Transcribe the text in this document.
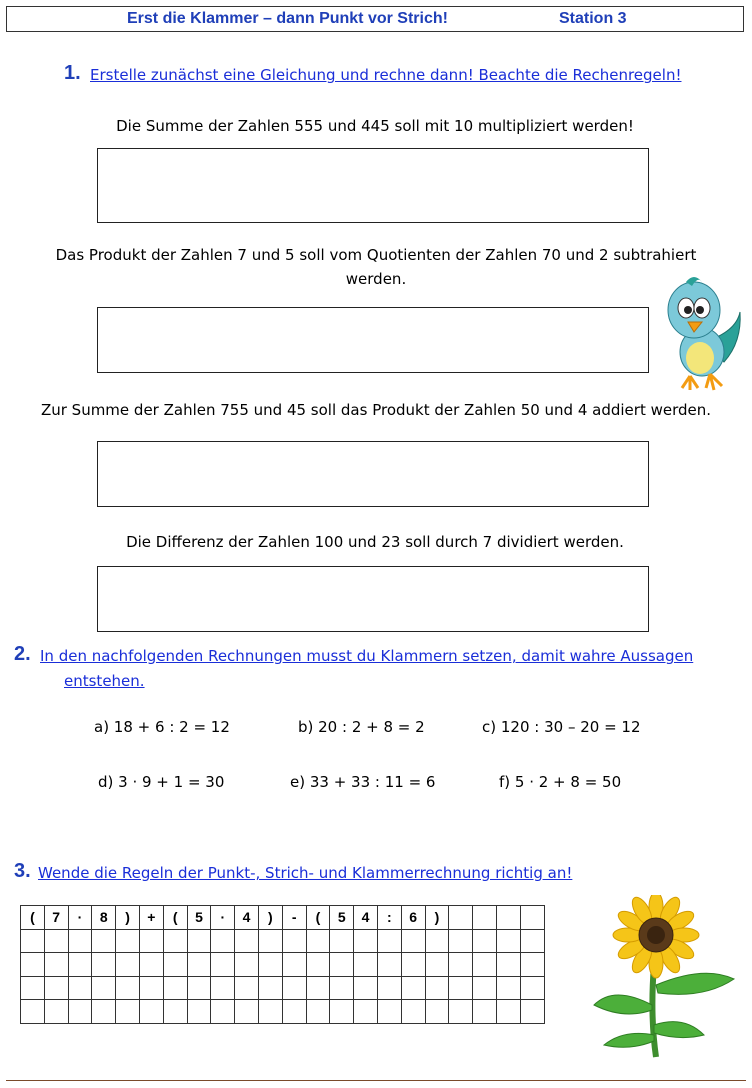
Erst die Klammer – dann Punkt vor Strich!	Station 3
1. Erstelle zunächst eine Gleichung und rechne dann! Beachte die Rechenregeln!
Die Summe der Zahlen 555 und 445 soll mit 10 multipliziert werden!
Das Produkt der Zahlen 7 und 5 soll vom Quotienten der Zahlen 70 und 2 subtrahiert werden.
Zur Summe der Zahlen 755 und 45 soll das Produkt der Zahlen 50 und 4 addiert werden.
Die Differenz der Zahlen 100 und 23 soll durch 7 dividiert werden.
2. In den nachfolgenden Rechnungen musst du Klammern setzen, damit wahre Aussagen
entstehen.
a) 18 + 6 : 2 = 12	b) 20 : 2 + 8 = 2	c) 120 : 30 – 20 = 12
d) 3 · 9 + 1 = 30	e) 33 + 33 : 11 = 6	f) 5 · 2 + 8 = 50
3. Wende die Regeln der Punkt-, Strich- und Klammerrechnung richtig an!
(	7	·	8	)	+	(	5	·	4	)	-	(	5	4	:	6	)				
